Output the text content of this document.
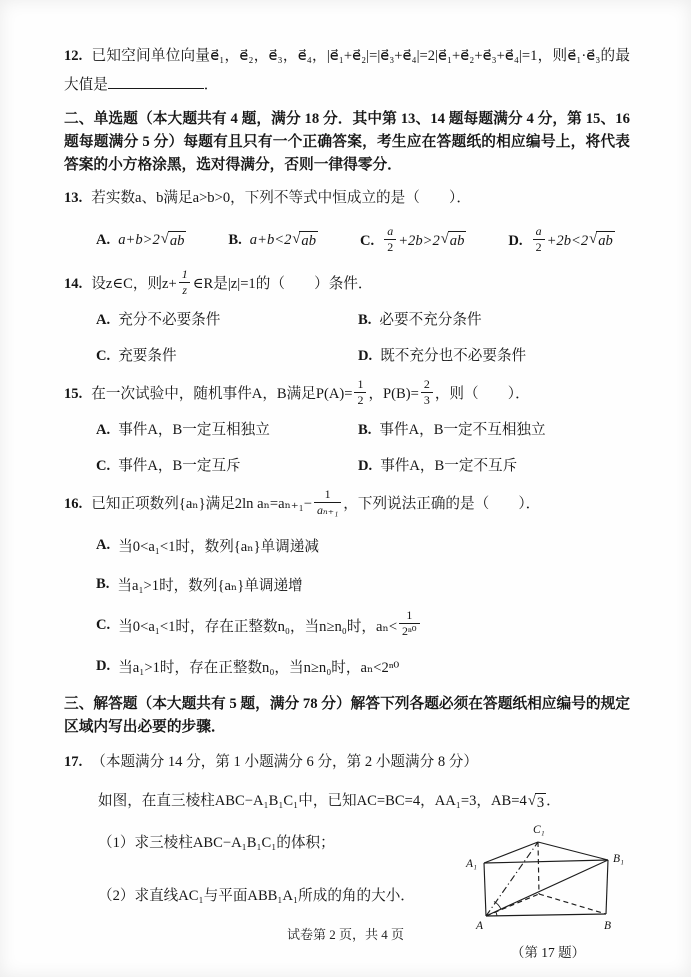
12. 已知空间单位向量e⃗₁，e⃗₂，e⃗₃，e⃗₄，|e⃗₁+e⃗₂|=|e⃗₃+e⃗₄|=2|e⃗₁+e⃗₂+e⃗₃+e⃗₄|=1，则e⃗₁·e⃗₃的最大值是	．

二、单选题（本大题共有 4 题，满分 18 分．其中第 13、14 题每题满分 4 分，第 15、16 题每题满分 5 分）每题有且只有一个正确答案，考生应在答题纸的相应编号上，将代表答案的小方格涂黑，选对得满分，否则一律得零分．

13. 若实数a、b满足a>b>0，下列不等式中恒成立的是（　　）．

A. a+b>2 √ ab	B. a+b<2 √ ab	C. $\frac{a}{2} +2b>2$ √ ab	D. $\frac{a}{2} +2b<2$ √ ab

14. 设z∈C，则$z+ \frac{1}{z}$ ∈R是|z|=1的（　　）条件．

A. 充分不必要条件	B. 必要不充分条件
C. 充要条件	D. 既不充分也不必要条件

15. 在一次试验中，随机事件A，B满足$P(A)= \frac{1}{2}$ ，$P(B)= \frac{2}{3}$ ，则（　　）．

A. 事件A，B一定互相独立	B. 事件A，B一定不互相独立
C. 事件A，B一定互斥	D. 事件A，B一定不互斥

16. 已知正项数列{aₙ}满足2ln $a_n=a_{n+1}- \frac{1}{\text{aₙ₊₁}}$ ，下列说法正确的是（　　）．

A. 当0<a₁<1时，数列{aₙ}单调递减
B. 当a₁>1时，数列{aₙ}单调递增
C. 当0<a₁<1时，存在正整数n₀，当n≥n₀时，$a_n< \frac{1}{\text{2ⁿ⁰}}$
D. 当a₁>1时，存在正整数n₀，当n≥n₀时，aₙ<2ⁿ⁰

三、解答题（本大题共有 5 题，满分 78 分）解答下列各题必须在答题纸相应编号的规定区域内写出必要的步骤．

17. （本题满分 14 分，第 1 小题满分 6 分，第 2 小题满分 8 分）

如图，在直三棱柱ABC−A₁B₁C₁中，已知AC=BC=4，AA₁=3，AB=4 √ 3 ．

（1）求三棱柱ABC−A₁B₁C₁的体积；

（2）求直线AC₁与平面ABB₁A₁所成的角的大小．

A₁	B₁
C₁
A	B
（第 17 题）
试卷第 2 页，共 4 页
